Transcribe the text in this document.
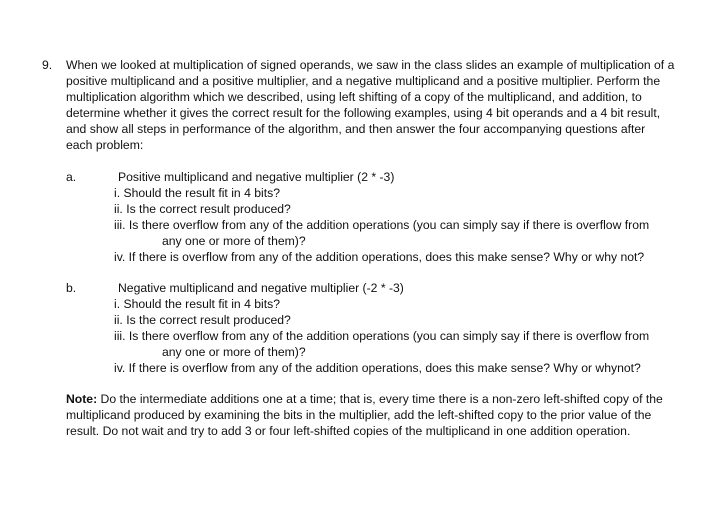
9. When we looked at multiplication of signed operands, we saw in the class slides an example of multiplication of a
positive multiplicand and a positive multiplier, and a negative multiplicand and a positive multiplier. Perform the
multiplication algorithm which we described, using left shifting of a copy of the multiplicand, and addition, to
determine whether it gives the correct result for the following examples, using 4 bit operands and a 4 bit result,
and show all steps in performance of the algorithm, and then answer the four accompanying questions after
each problem:
a.	Positive multiplicand and negative multiplier (2 * -3)
i. Should the result fit in 4 bits?
ii. Is the correct result produced?
iii. Is there overflow from any of the addition operations (you can simply say if there is overflow from
any one or more of them)?
iv. If there is overflow from any of the addition operations, does this make sense? Why or why not?
b.	Negative multiplicand and negative multiplier (-2 * -3)
i. Should the result fit in 4 bits?
ii. Is the correct result produced?
iii. Is there overflow from any of the addition operations (you can simply say if there is overflow from
any one or more of them)?
iv. If there is overflow from any of the addition operations, does this make sense? Why or whynot?
Note: Do the intermediate additions one at a time; that is, every time there is a non-zero left-shifted copy of the
multiplicand produced by examining the bits in the multiplier, add the left-shifted copy to the prior value of the
result. Do not wait and try to add 3 or four left-shifted copies of the multiplicand in one addition operation.
